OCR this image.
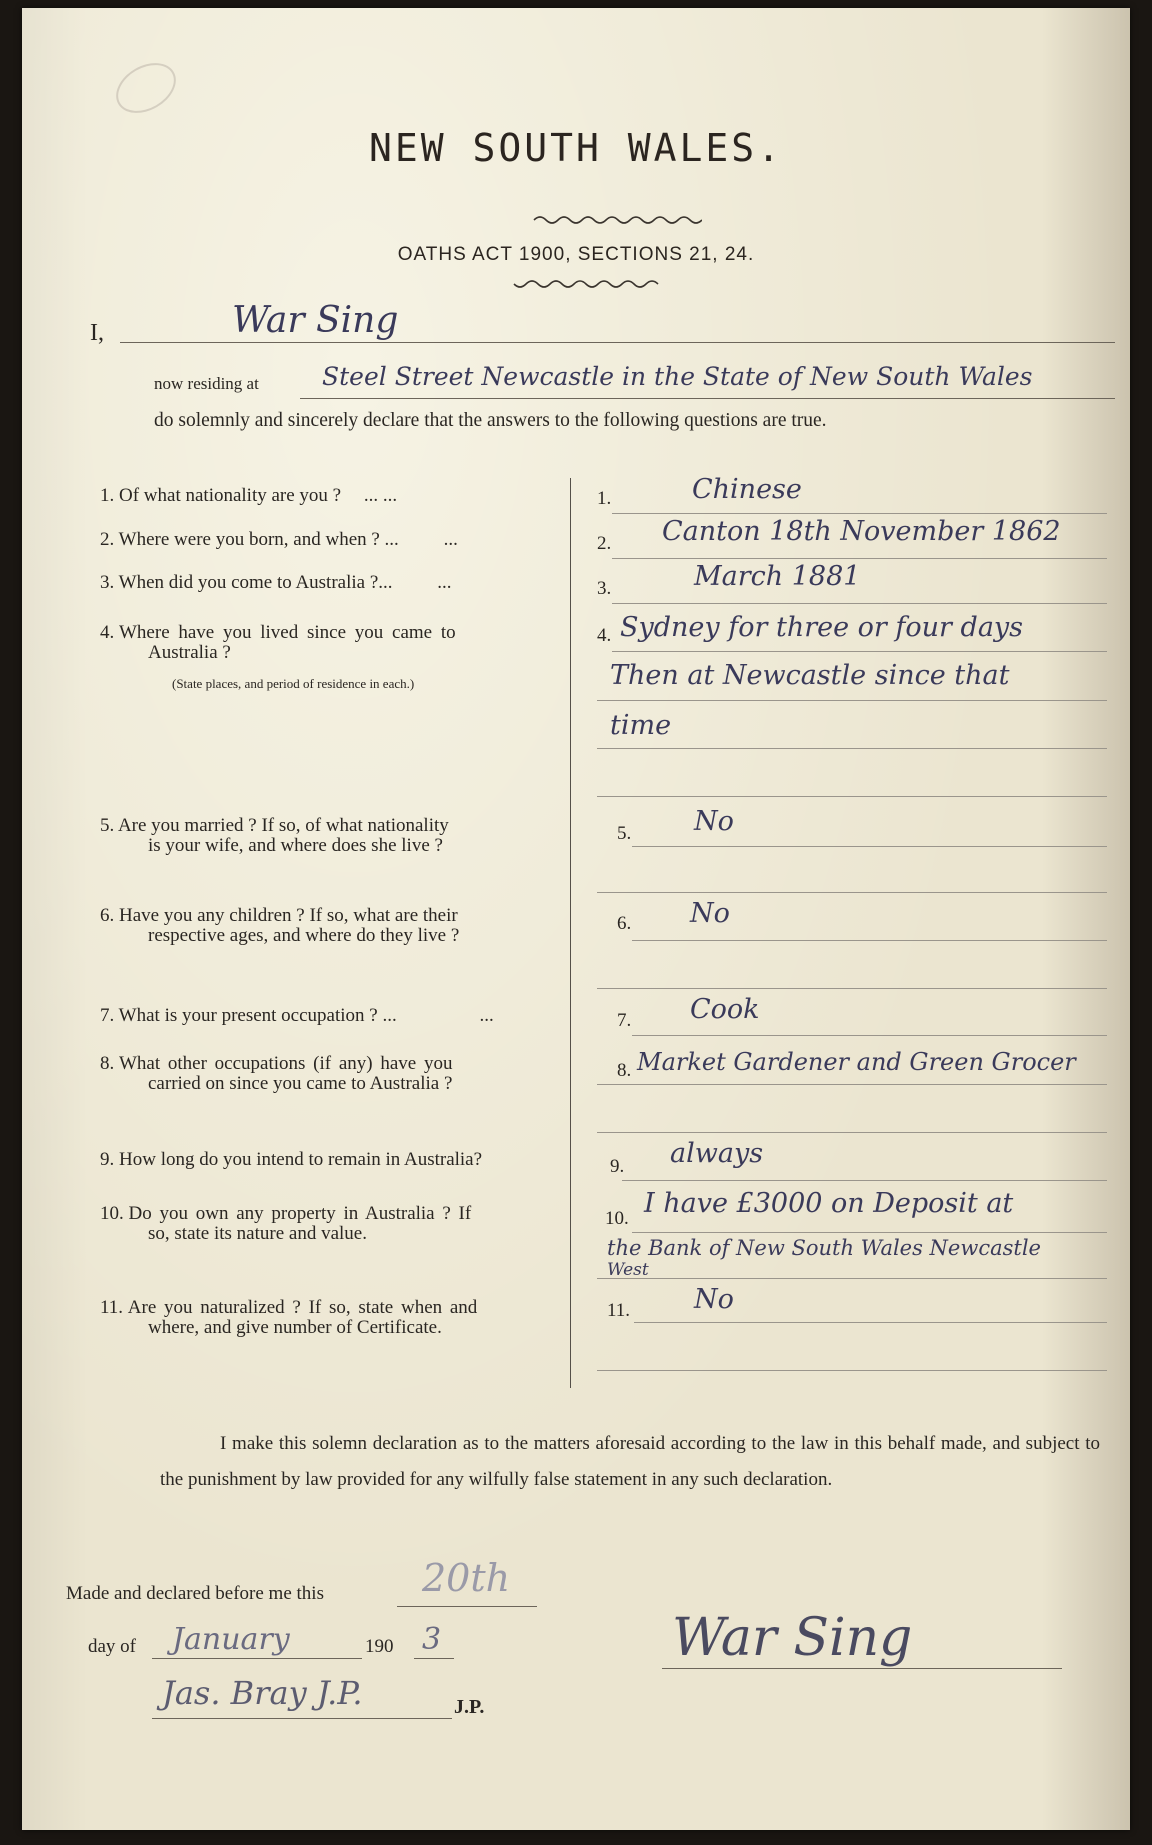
NEW SOUTH WALES.
OATHS ACT 1900, SECTIONS 21, 24.
I,	War Sing
now residing at	Steel Street Newcastle in the State of New South Wales
do solemnly and sincerely declare that the answers to the following questions are true.
1. Of what nationality are you ? ... ...	1.	Chinese
2. Where were you born, and when ? ... ...	2. Canton 18th November 1862
3. When did you come to Australia ?... ...	3.	March 1881
4. Where have you lived since you came to
Australia ?
(State places, and period of residence in each.)
4. Sydney for three or four days
Then at Newcastle since that
time
5. Are you married ? If so, of what nationality
is your wife, and where does she live ?
5. No
6. Have you any children ? If so, what are their
respective ages, and where do they live ?
6. No
7. What is your present occupation ? ...	...	7. Cook
8. What other occupations (if any) have you
carried on since you came to Australia ?
8. Market Gardener and Green Grocer
9. How long do you intend to remain in Australia?	9. always
10. Do you own any property in Australia ? If
so, state its nature and value.
10. I have £3000 on Deposit at
the Bank of New South Wales Newcastle
West
11. Are you naturalized ? If so, state when and
where, and give number of Certificate.
11. No
I make this solemn declaration as to the matters aforesaid according to the law in this behalf made, and subject to the punishment by law provided for any wilfully false statement in any such declaration.
Made and declared before me this	20th
day of January	190 3
Jas. Bray J.P.	J.P.
War Sing
